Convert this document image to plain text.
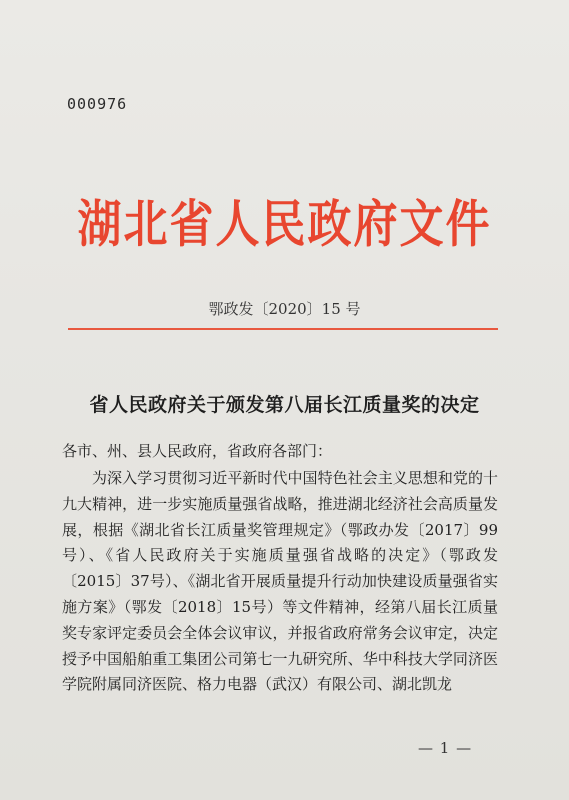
000976
湖北省人民政府文件
鄂政发〔2020〕15 号
省人民政府关于颁发第八届长江质量奖的决定
各市、州、县人民政府，省政府各部门：
为深入学习贯彻习近平新时代中国特色社会主义思想和党的十九大精神，进一步实施质量强省战略，推进湖北经济社会高质量发展，根据《湖北省长江质量奖管理规定》（鄂政办发〔2017〕99号）、《省人民政府关于实施质量强省战略的决定》（鄂政发〔2015〕37号）、《湖北省开展质量提升行动加快建设质量强省实施方案》（鄂发〔2018〕15号）等文件精神，经第八届长江质量奖专家评定委员会全体会议审议，并报省政府常务会议审定，决定授予中国船舶重工集团公司第七一九研究所、华中科技大学同济医学院附属同济医院、格力电器（武汉）有限公司、湖北凯龙
— 1 —
